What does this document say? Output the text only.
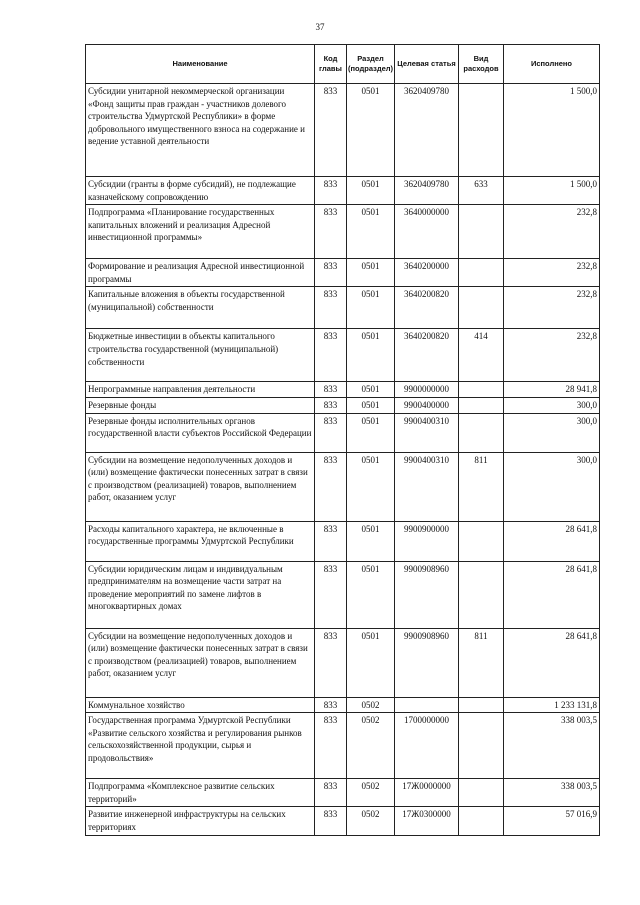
37
Наименование	Код главы	Раздел (подраздел)	Целевая статья	Вид расходов	Исполнено
Субсидии унитарной некоммерческой организации «Фонд защиты прав граждан - участников долевого строительства Удмуртской Республики» в форме добровольного имущественного взноса на содержание и ведение уставной деятельности	833	0501	3620409780		1 500,0
Субсидии (гранты в форме субсидий), не подлежащие казначейскому сопровождению	833	0501	3620409780	633	1 500,0
Подпрограмма «Планирование государственных капитальных вложений и реализация Адресной инвестиционной программы»	833	0501	3640000000		232,8
Формирование и реализация Адресной инвестиционной программы	833	0501	3640200000		232,8
Капитальные вложения в объекты государственной (муниципальной) собственности	833	0501	3640200820		232,8
Бюджетные инвестиции в объекты капитального строительства государственной (муниципальной) собственности	833	0501	3640200820	414	232,8
Непрограммные направления деятельности	833	0501	9900000000		28 941,8
Резервные фонды	833	0501	9900400000		300,0
Резервные фонды исполнительных органов государственной власти субъектов Российской Федерации	833	0501	9900400310		300,0
Субсидии на возмещение недополученных доходов и (или) возмещение фактически понесенных затрат в связи с производством (реализацией) товаров, выполнением работ, оказанием услуг	833	0501	9900400310	811	300,0
Расходы капитального характера, не включенные в государственные программы Удмуртской Республики	833	0501	9900900000		28 641,8
Субсидии юридическим лицам и индивидуальным предпринимателям на возмещение части затрат на проведение мероприятий по замене лифтов в многоквартирных домах	833	0501	9900908960		28 641,8
Субсидии на возмещение недополученных доходов и (или) возмещение фактически понесенных затрат в связи с производством (реализацией) товаров, выполнением работ, оказанием услуг	833	0501	9900908960	811	28 641,8
Коммунальное хозяйство	833	0502			1 233 131,8
Государственная программа Удмуртской Республики «Развитие сельского хозяйства и регулирования рынков сельскохозяйственной продукции, сырья и продовольствия»	833	0502	1700000000		338 003,5
Подпрограмма «Комплексное развитие сельских территорий»	833	0502	17Ж0000000		338 003,5
Развитие инженерной инфраструктуры на сельских территориях	833	0502	17Ж0300000		57 016,9
